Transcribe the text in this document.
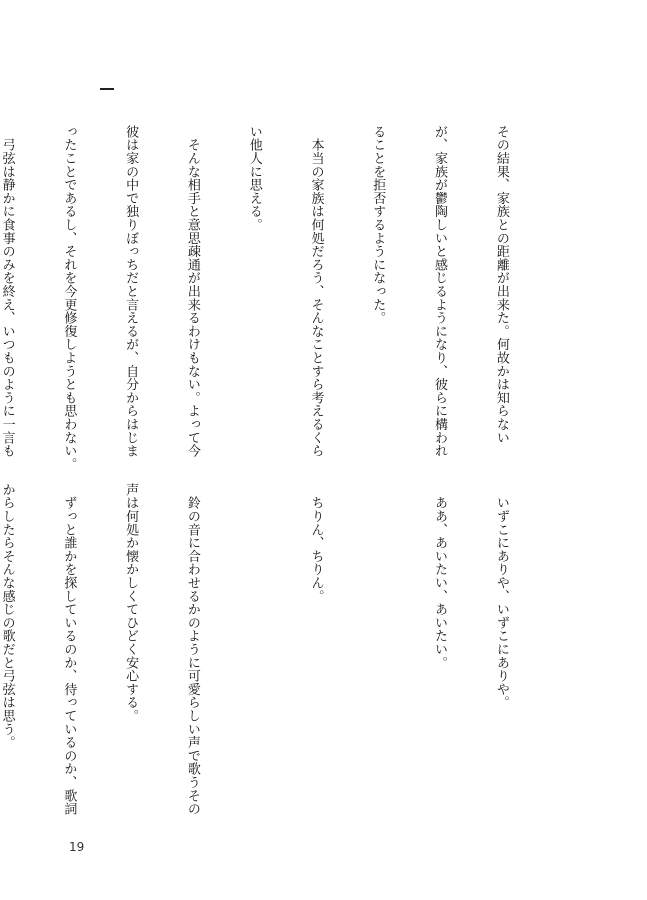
その結果、家族との距離が出来た。何故かは知らない

が、家族が鬱陶しいと感じるようになり、彼らに構われ

ることを拒否するようになった。

　本当の家族は何処だろう、そんなことすら考えるくら

い他人に思える。

　そんな相手と意思疎通が出来るわけもない。よって今

彼は家の中で独りぼっちだと言えるが、自分からはじま

ったことであるし、それを今更修復しようとも思わない。

　弓弦は静かに食事のみを終え、いつものように一言も

　いずこにありや、いずこにありや。

　ああ、あいたい、あいたい。

　ちりん、ちりん。

　鈴の音に合わせるかのように可愛らしい声で歌うその

声は何処か懐かしくてひどく安心する。

　ずっと誰かを探しているのか、待っているのか、歌詞

からしたらそんな感じの歌だと弓弦は思う。

19
